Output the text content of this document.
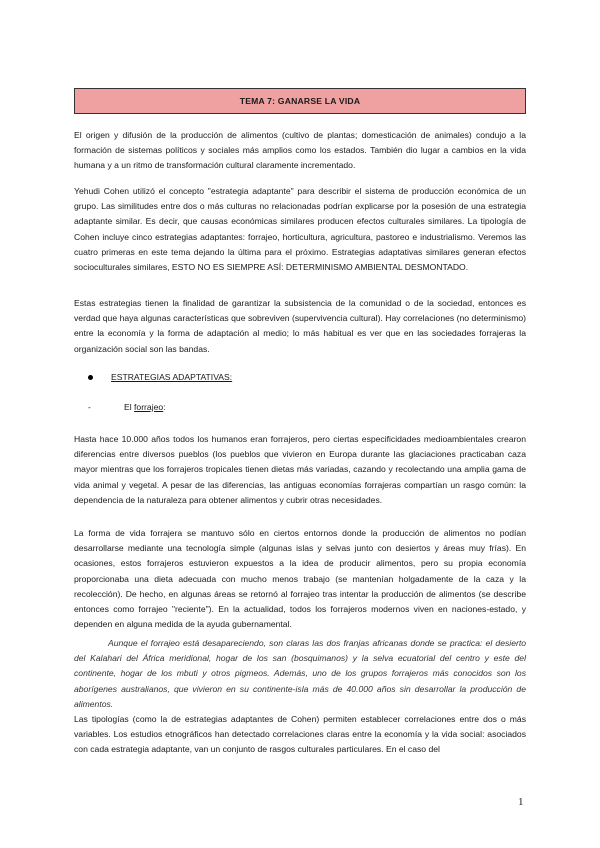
TEMA 7: GANARSE LA VIDA

El origen y difusión de la producción de alimentos (cultivo de plantas; domesticación de animales) condujo a la formación de sistemas políticos y sociales más amplios como los estados. También dio lugar a cambios en la vida humana y a un ritmo de transformación cultural claramente incrementado.

Yehudi Cohen utilizó el concepto "estrategia adaptante" para describir el sistema de producción económica de un grupo. Las similitudes entre dos o más culturas no relacionadas podrían explicarse por la posesión de una estrategia adaptante similar. Es decir, que causas económicas similares producen efectos culturales similares. La tipología de Cohen incluye cinco estrategias adaptantes: forrajeo, horticultura, agricultura, pastoreo e industrialismo. Veremos las cuatro primeras en este tema dejando la última para el próximo. Estrategias adaptativas similares generan efectos socioculturales similares, ESTO NO ES SIEMPRE ASÍ: DETERMINISMO AMBIENTAL DESMONTADO.

Estas estrategias tienen la finalidad de garantizar la subsistencia de la comunidad o de la sociedad, entonces es verdad que haya algunas características que sobreviven (supervivencia cultural). Hay correlaciones (no determinismo) entre la economía y la forma de adaptación al medio; lo más habitual es ver que en las sociedades forrajeras la organización social son las bandas.

ESTRATEGIAS ADAPTATIVAS:
-	El forrajeo:

Hasta hace 10.000 años todos los humanos eran forrajeros, pero ciertas especificidades medioambientales crearon diferencias entre diversos pueblos (los pueblos que vivieron en Europa durante las glaciaciones practicaban caza mayor mientras que los forrajeros tropicales tienen dietas más variadas, cazando y recolectando una amplia gama de vida animal y vegetal. A pesar de las diferencias, las antiguas economías forrajeras compartían un rasgo común: la dependencia de la naturaleza para obtener alimentos y cubrir otras necesidades.

La forma de vida forrajera se mantuvo sólo en ciertos entornos donde la producción de alimentos no podían desarrollarse mediante una tecnología simple (algunas islas y selvas junto con desiertos y áreas muy frías). En ocasiones, estos forrajeros estuvieron expuestos a la idea de producir alimentos, pero su propia economía proporcionaba una dieta adecuada con mucho menos trabajo (se mantenían holgadamente de la caza y la recolección). De hecho, en algunas áreas se retornó al forrajeo tras intentar la producción de alimentos (se describe entonces como forrajeo "reciente"). En la actualidad, todos los forrajeros modernos viven en naciones-estado, y dependen en alguna medida de la ayuda gubernamental.

Aunque el forrajeo está desapareciendo, son claras las dos franjas africanas donde se practica: el desierto del Kalahari del África meridional, hogar de los san (bosquimanos) y la selva ecuatorial del centro y este del continente, hogar de los mbuti y otros pigmeos. Además, uno de los grupos forrajeros más conocidos son los aborígenes australianos, que vivieron en su continente-isla más de 40.000 años sin desarrollar la producción de alimentos.

Las tipologías (como la de estrategias adaptantes de Cohen) permiten establecer correlaciones entre dos o más variables. Los estudios etnográficos han detectado correlaciones claras entre la economía y la vida social: asociados con cada estrategia adaptante, van un conjunto de rasgos culturales particulares. En el caso del

1
